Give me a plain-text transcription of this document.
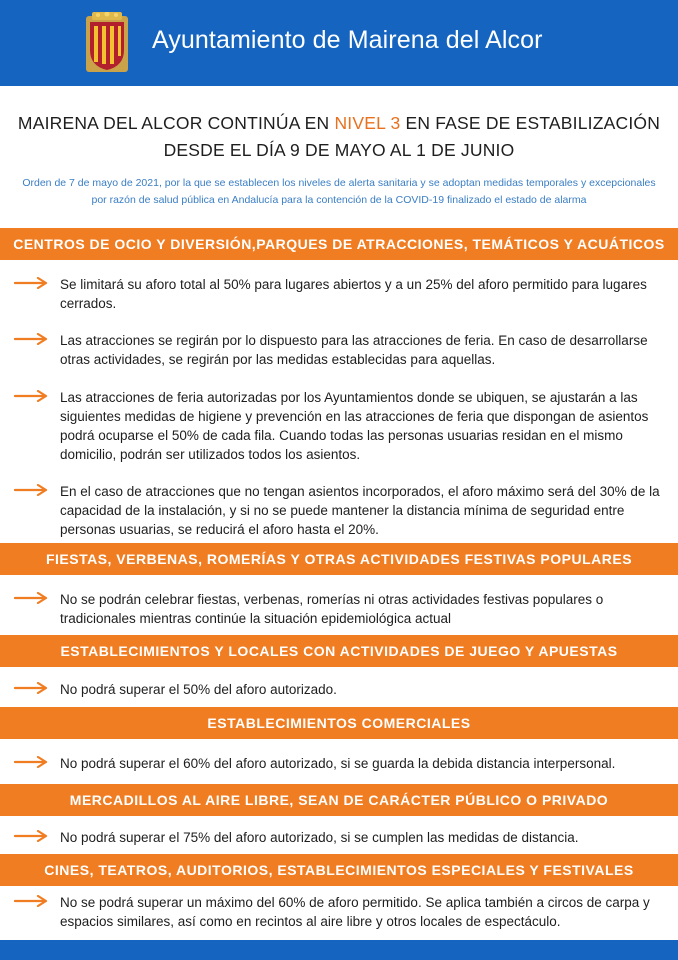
Ayuntamiento de Mairena del Alcor
MAIRENA DEL ALCOR CONTINÚA EN NIVEL 3 EN FASE DE ESTABILIZACIÓN
DESDE EL DÍA 9 DE MAYO AL 1 DE JUNIO
Orden de 7 de mayo de 2021, por la que se establecen los niveles de alerta sanitaria y se adoptan medidas temporales y excepcionales por razón de salud pública en Andalucía para la contención de la COVID-19 finalizado el estado de alarma
CENTROS DE OCIO Y DIVERSIÓN,PARQUES DE ATRACCIONES, TEMÁTICOS Y ACUÁTICOS
Se limitará su aforo total al 50% para lugares abiertos y a un 25% del aforo permitido para lugares cerrados.
Las atracciones se regirán por lo dispuesto para las atracciones de feria. En caso de desarrollarse otras actividades, se regirán por las medidas establecidas para aquellas.
Las atracciones de feria autorizadas por los Ayuntamientos donde se ubiquen, se ajustarán a las siguientes medidas de higiene y prevención en las atracciones de feria que dispongan de asientos podrá ocuparse el 50% de cada fila. Cuando todas las personas usuarias residan en el mismo domicilio, podrán ser utilizados todos los asientos.
En el caso de atracciones que no tengan asientos incorporados, el aforo máximo será del 30% de la capacidad de la instalación, y si no se puede mantener la distancia mínima de seguridad entre personas usuarias, se reducirá el aforo hasta el 20%.
FIESTAS, VERBENAS, ROMERÍAS Y OTRAS ACTIVIDADES FESTIVAS POPULARES
No se podrán celebrar fiestas, verbenas, romerías ni otras actividades festivas populares o tradicionales mientras continúe la situación epidemiológica actual
ESTABLECIMIENTOS Y LOCALES CON ACTIVIDADES DE JUEGO Y APUESTAS
No podrá superar el 50% del aforo autorizado.
ESTABLECIMIENTOS COMERCIALES
No podrá superar el 60% del aforo autorizado, si se guarda la debida distancia interpersonal.
MERCADILLOS AL AIRE LIBRE, SEAN DE CARÁCTER PÚBLICO O PRIVADO
No podrá superar el 75% del aforo autorizado, si se cumplen las medidas de distancia.
CINES, TEATROS, AUDITORIOS, ESTABLECIMIENTOS ESPECIALES Y FESTIVALES
No se podrá superar un máximo del 60% de aforo permitido. Se aplica también a circos de carpa y espacios similares, así como en recintos al aire libre y otros locales de espectáculo.
